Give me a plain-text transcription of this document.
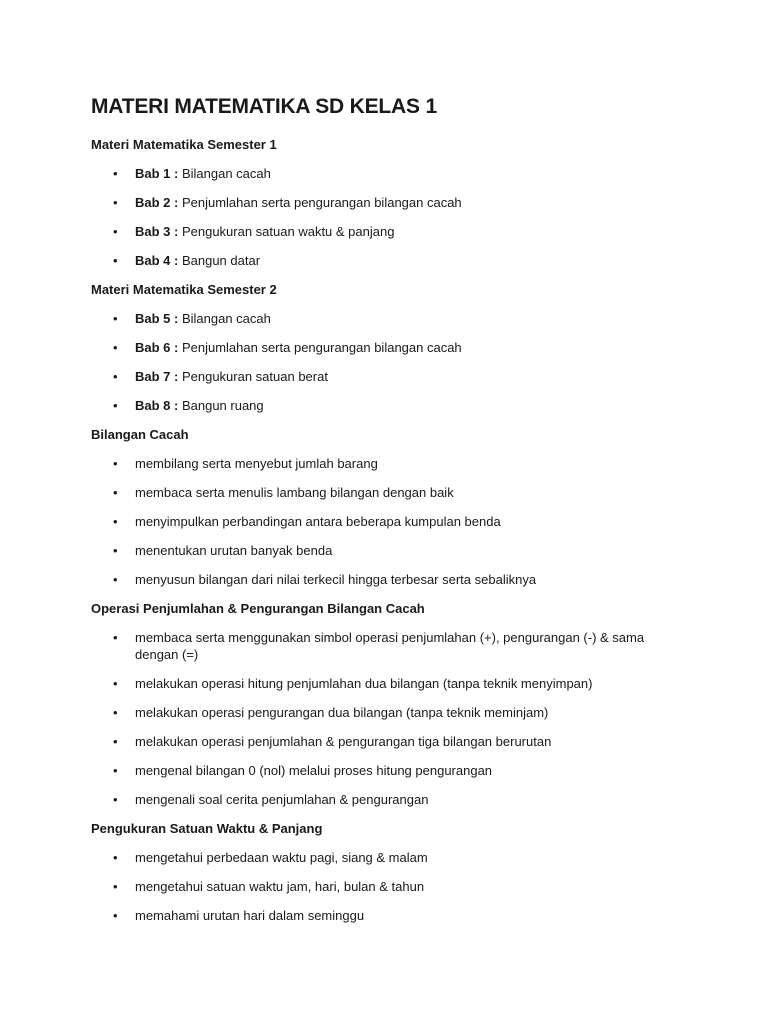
MATERI MATEMATIKA SD KELAS 1
Materi Matematika Semester 1
•	Bab 1 : Bilangan cacah
•	Bab 2 : Penjumlahan serta pengurangan bilangan cacah
•	Bab 3 : Pengukuran satuan waktu & panjang
•	Bab 4 : Bangun datar
Materi Matematika Semester 2
•	Bab 5 : Bilangan cacah
•	Bab 6 : Penjumlahan serta pengurangan bilangan cacah
•	Bab 7 : Pengukuran satuan berat
•	Bab 8 : Bangun ruang
Bilangan Cacah
•	membilang serta menyebut jumlah barang
•	membaca serta menulis lambang bilangan dengan baik
•	menyimpulkan perbandingan antara beberapa kumpulan benda
•	menentukan urutan banyak benda
•	menyusun bilangan dari nilai terkecil hingga terbesar serta sebaliknya
Operasi Penjumlahan & Pengurangan Bilangan Cacah
•	membaca serta menggunakan simbol operasi penjumlahan (+), pengurangan (-) & sama dengan (=)
•	melakukan operasi hitung penjumlahan dua bilangan (tanpa teknik menyimpan)
•	melakukan operasi pengurangan dua bilangan (tanpa teknik meminjam)
•	melakukan operasi penjumlahan & pengurangan tiga bilangan berurutan
•	mengenal bilangan 0 (nol) melalui proses hitung pengurangan
•	mengenali soal cerita penjumlahan & pengurangan
Pengukuran Satuan Waktu & Panjang
•	mengetahui perbedaan waktu pagi, siang & malam
•	mengetahui satuan waktu jam, hari, bulan & tahun
•	memahami urutan hari dalam seminggu
